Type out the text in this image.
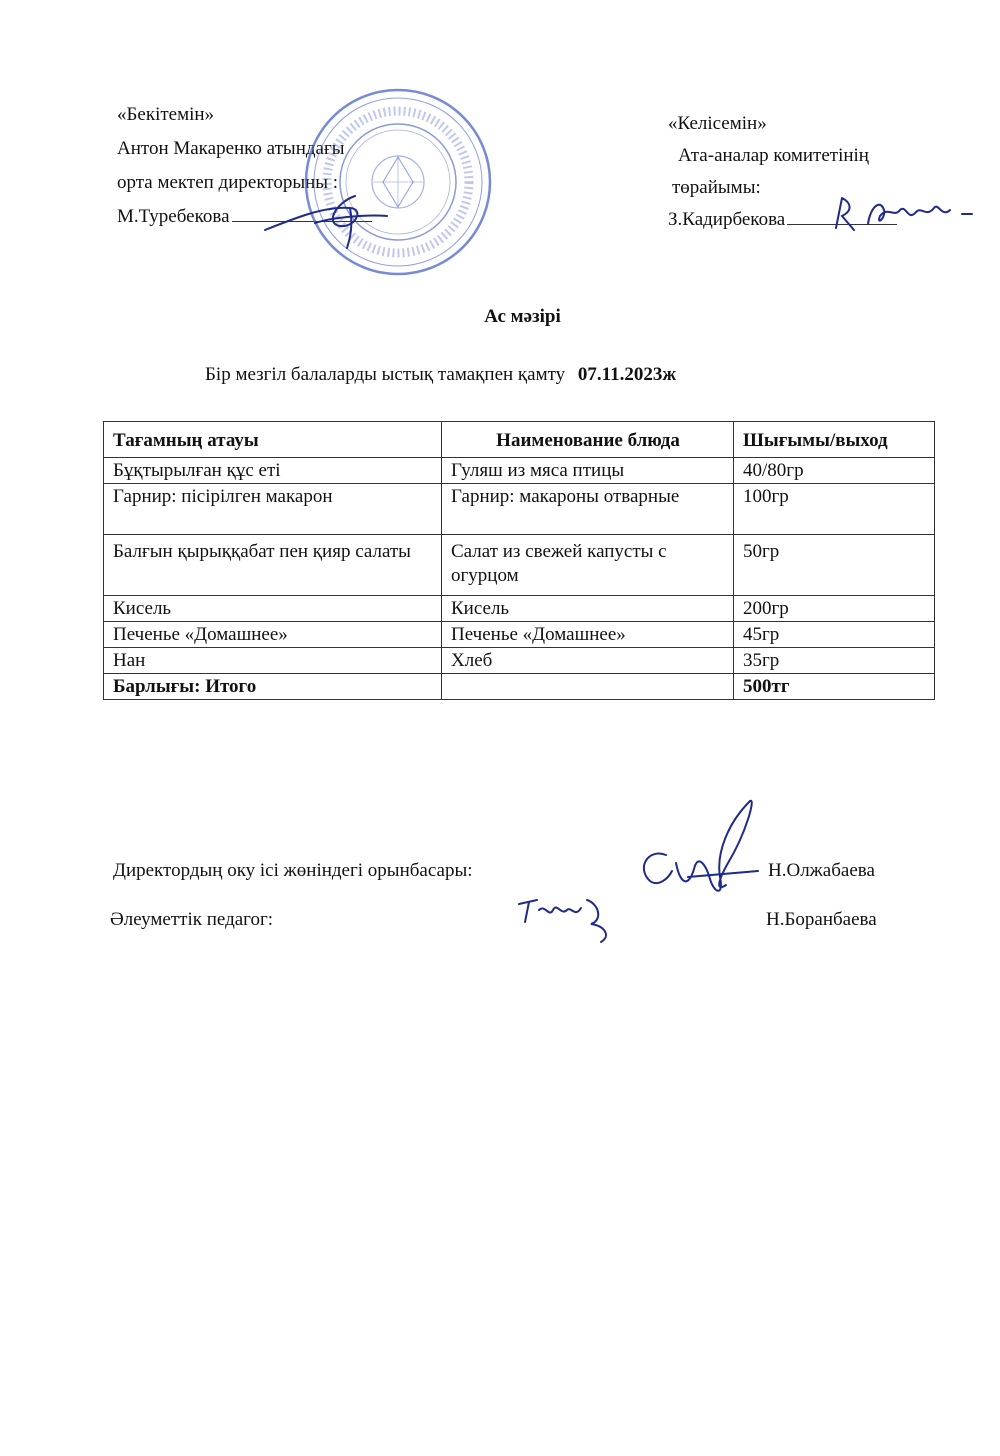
«Бекітемін»
Антон Макаренко атындағы
орта мектеп директорыны :
М.Туребекова
«Келісемін»
Ата-аналар комитетінің
төрайымы:
З.Кадирбекова
Ас мәзірі
Бір мезгіл балаларды ыстық тамақпен қамту 07.11.2023ж
Тағамның атауы	Наименование блюда	Шығымы/выход
Бұқтырылған құс еті	Гуляш из мяса птицы	40/80гр
Гарнир: пісірілген макарон	Гарнир: макароны отварные	100гр
Балғын қырыққабат пен қияр салаты	Салат из свежей капусты с огурцом	50гр
Кисель	Кисель	200гр
Печенье «Домашнее»	Печенье «Домашнее»	45гр
Нан	Хлеб	35гр
Барлығы: Итого		500тг
Директордың оку ісі жөніндегі орынбасары:	Н.Олжабаева
Әлеуметтік педагог:	Н.Боранбаева
